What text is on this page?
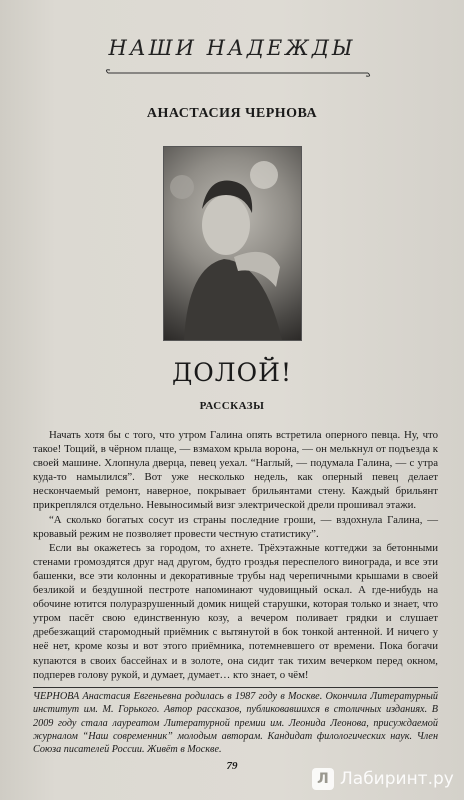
НАШИ НАДЕЖДЫ
АНАСТАСИЯ ЧЕРНОВА
ДОЛОЙ!
РАССКАЗЫ

Начать хотя бы с того, что утром Галина опять встретила оперного певца. Ну, что такое! Тощий, в чёрном плаще, — взмахом крыла ворона, — он мелькнул от подъезда к своей машине. Хлопнула дверца, певец уехал. “Наглый, — подумала Галина, — с утра куда-то намылился”. Вот уже несколько недель, как оперный певец делает нескончаемый ремонт, наверное, покрывает брильянтами стену. Каждый брильянт прикреплялся отдельно. Невыносимый визг электрической дрели прошивал этажи.

“А сколько богатых сосут из страны последние гроши, — вздохнула Галина, — кровавый режим не позволяет провести честную статистику”.

Если вы окажетесь за городом, то ахнете. Трёхэтажные коттеджи за бетонными стенами громоздятся друг над другом, будто гроздья переспелого винограда, и все эти башенки, все эти колонны и декоративные трубы над черепичными крышами в своей безликой и бездушной пестроте напоминают чудовищный оскал. А где-нибудь на обочине ютится полуразрушенный домик нищей старушки, которая только и знает, что утром пасёт свою единственную козу, а вечером поливает грядки и слушает дребезжащий старомодный приёмник с вытянутой в бок тонкой антенной. И ничего у неё нет, кроме козы и вот этого приёмника, потемневшего от времени. Пока богачи купаются в своих бассейнах и в золоте, она сидит так тихим вечерком перед окном, подперев голову рукой, и думает, думает… кто знает, о чём!

ЧЕРНОВА Анастасия Евгеньевна родилась в 1987 году в Москве. Окончила Литературный институт им. М. Горького. Автор рассказов, публиковавшихся в столичных изданиях. В 2009 году стала лауреатом Литературной премии им. Леонида Леонова, присуждаемой журналом “Наш современник” молодым авторам. Кандидат филологических наук. Член Союза писателей России. Живёт в Москве.
79
Л Лабиринт.ру
